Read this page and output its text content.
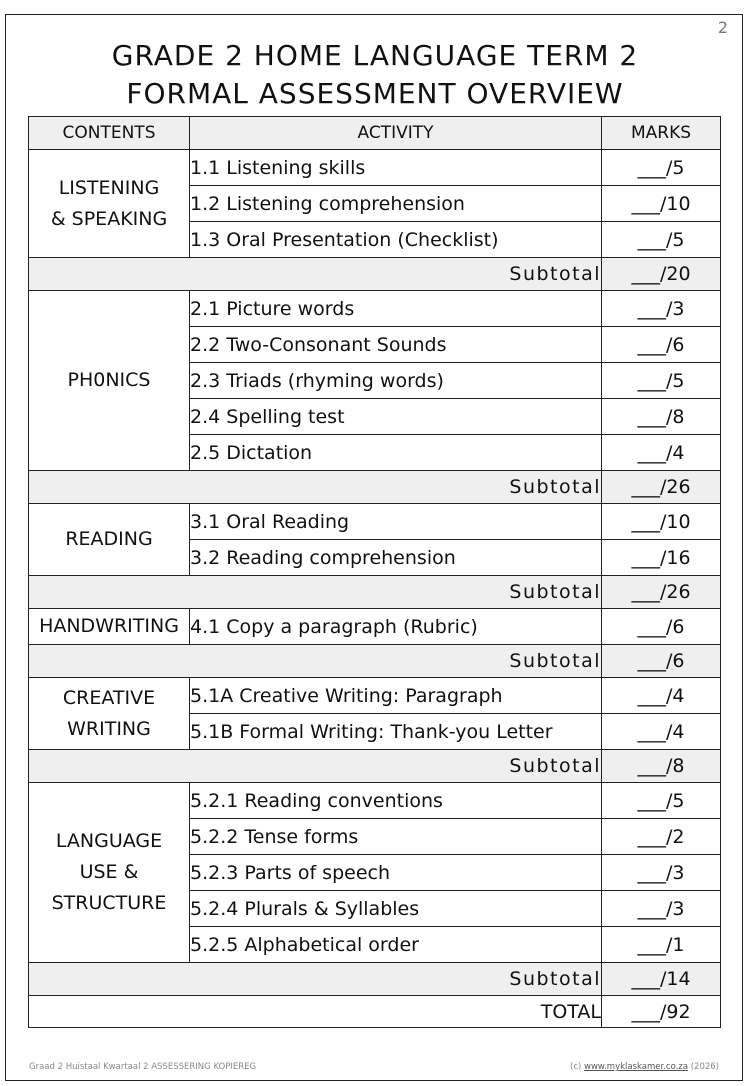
2
GRADE 2 HOME LANGUAGE TERM 2
FORMAL ASSESSMENT OVERVIEW
CONTENTS	ACTIVITY	MARKS

LISTENING
& SPEAKING	1.1 Listening skills	___/5
	1.2 Listening comprehension	___/10
	1.3 Oral Presentation (Checklist)	___/5
Subtotal		___/20

PH0NICS	2.1 Picture words	___/3
	2.2 Two-Consonant Sounds	___/6
	2.3 Triads (rhyming words)	___/5
	2.4 Spelling test	___/8
	2.5 Dictation	___/4
Subtotal		___/26

READING	3.1 Oral Reading	___/10
	3.2 Reading comprehension	___/16
Subtotal		___/26

HANDWRITING	4.1 Copy a paragraph (Rubric)	___/6
Subtotal		___/6

CREATIVE
WRITING	5.1A Creative Writing: Paragraph	___/4
	5.1B Formal Writing: Thank-you Letter	___/4
Subtotal		___/8

LANGUAGE
USE &
STRUCTURE	5.2.1 Reading conventions	___/5
	5.2.2 Tense forms	___/2
	5.2.3 Parts of speech	___/3
	5.2.4 Plurals & Syllables	___/3
	5.2.5 Alphabetical order	___/1
Subtotal		___/14
TOTAL		___/92
Graad 2 Huistaal Kwartaal 2 ASSESSERING KOPIEREG	(c) www.myklaskamer.co.za (2026)
